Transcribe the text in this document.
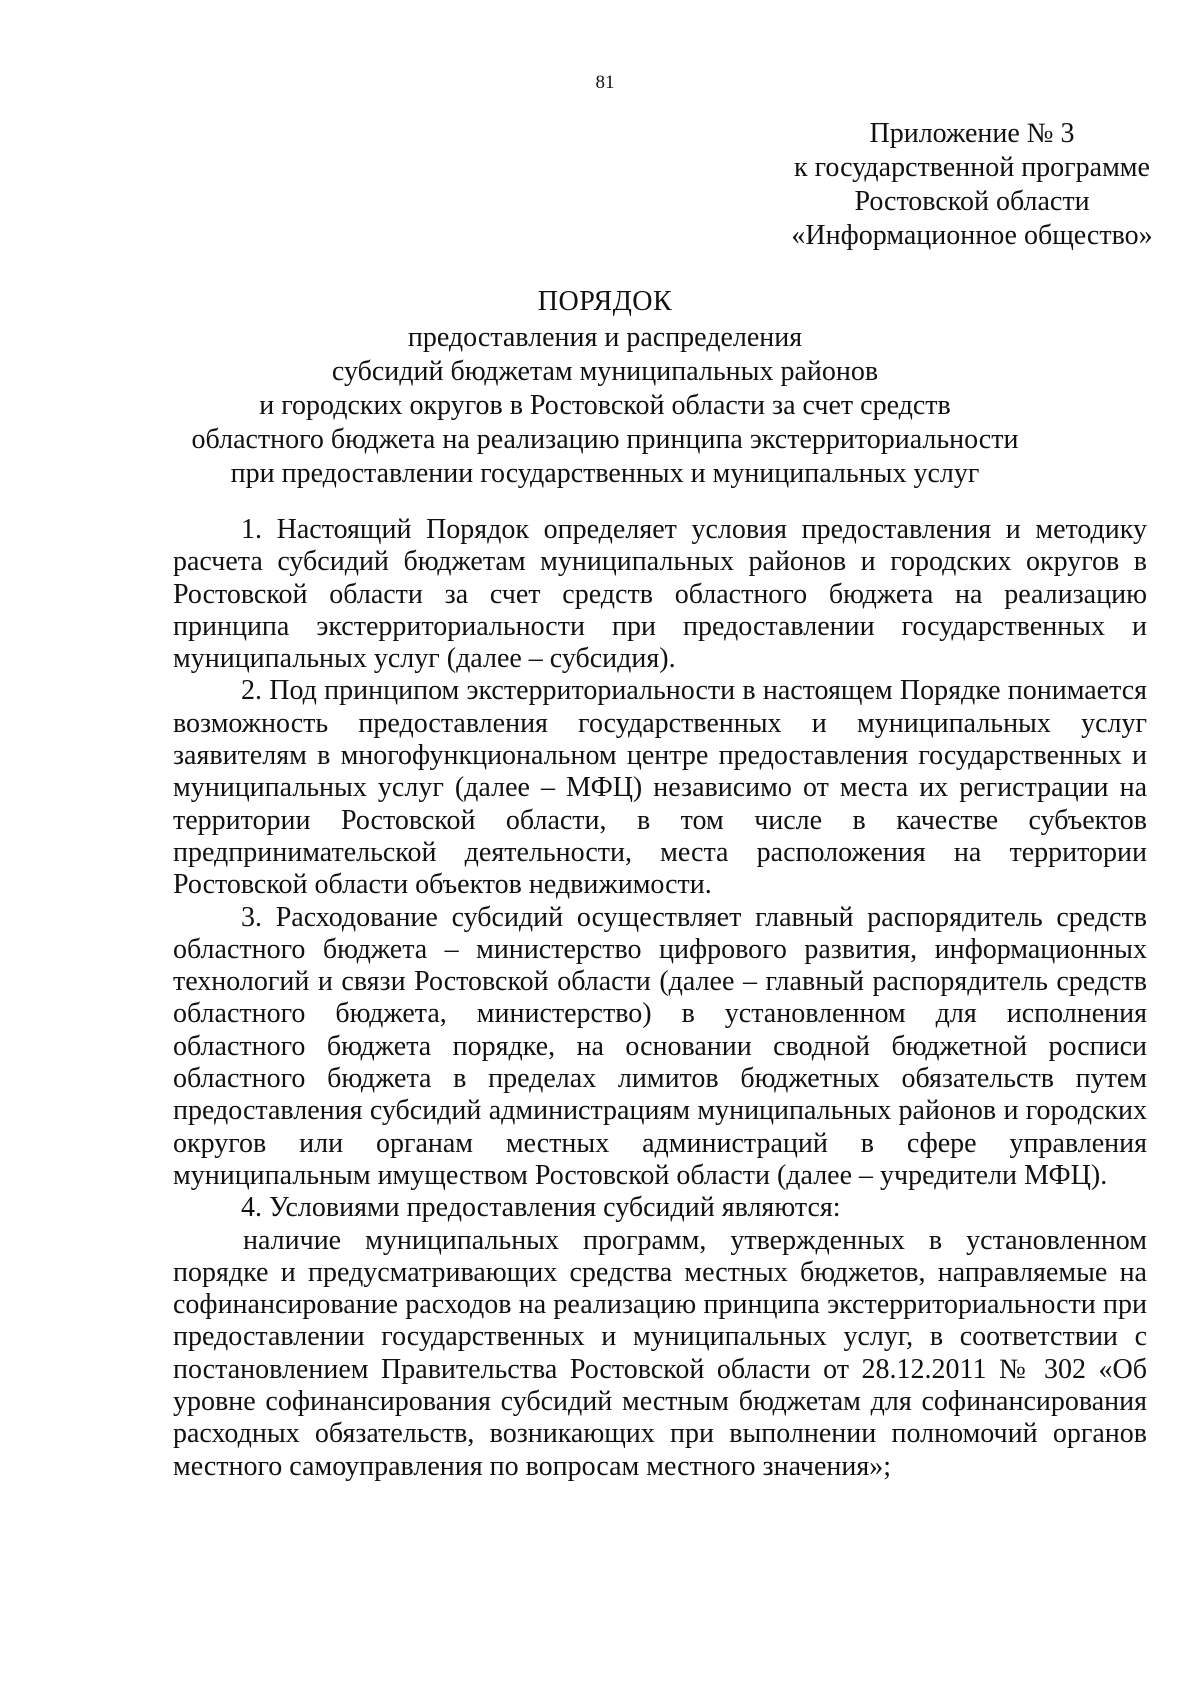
81
Приложение № 3
к государственной программе
Ростовской области
«Информационное общество»
ПОРЯДОК
предоставления и распределения
субсидий бюджетам муниципальных районов
и городских округов в Ростовской области за счет средств
областного бюджета на реализацию принципа экстерриториальности
при предоставлении государственных и муниципальных услуг

1. Настоящий Порядок определяет условия предоставления и методику расчета субсидий бюджетам муниципальных районов и городских округов в Ростовской области за счет средств областного бюджета на реализацию принципа экстерриториальности при предоставлении государственных и муниципальных услуг (далее – субсидия).

2. Под принципом экстерриториальности в настоящем Порядке понимается возможность предоставления государственных и муниципальных услуг заявителям в многофункциональном центре предоставления государственных и муниципальных услуг (далее – МФЦ) независимо от места их регистрации на территории Ростовской области, в том числе в качестве субъектов предпринимательской деятельности, места расположения на территории Ростовской области объектов недвижимости.

3. Расходование субсидий осуществляет главный распорядитель средств областного бюджета – министерство цифрового развития, информационных технологий и связи Ростовской области (далее – главный распорядитель средств областного бюджета, министерство) в установленном для исполнения областного бюджета порядке, на основании сводной бюджетной росписи областного бюджета в пределах лимитов бюджетных обязательств путем предоставления субсидий администрациям муниципальных районов и городских округов или органам местных администраций в сфере управления муниципальным имуществом Ростовской области (далее – учредители МФЦ).

4. Условиями предоставления субсидий являются:

наличие муниципальных программ, утвержденных в установленном порядке и предусматривающих средства местных бюджетов, направляемые на софинансирование расходов на реализацию принципа экстерриториальности при предоставлении государственных и муниципальных услуг, в соответствии с постановлением Правительства Ростовской области от 28.12.2011 № 302 «Об уровне софинансирования субсидий местным бюджетам для софинансирования расходных обязательств, возникающих при выполнении полномочий органов местного самоуправления по вопросам местного значения»;
